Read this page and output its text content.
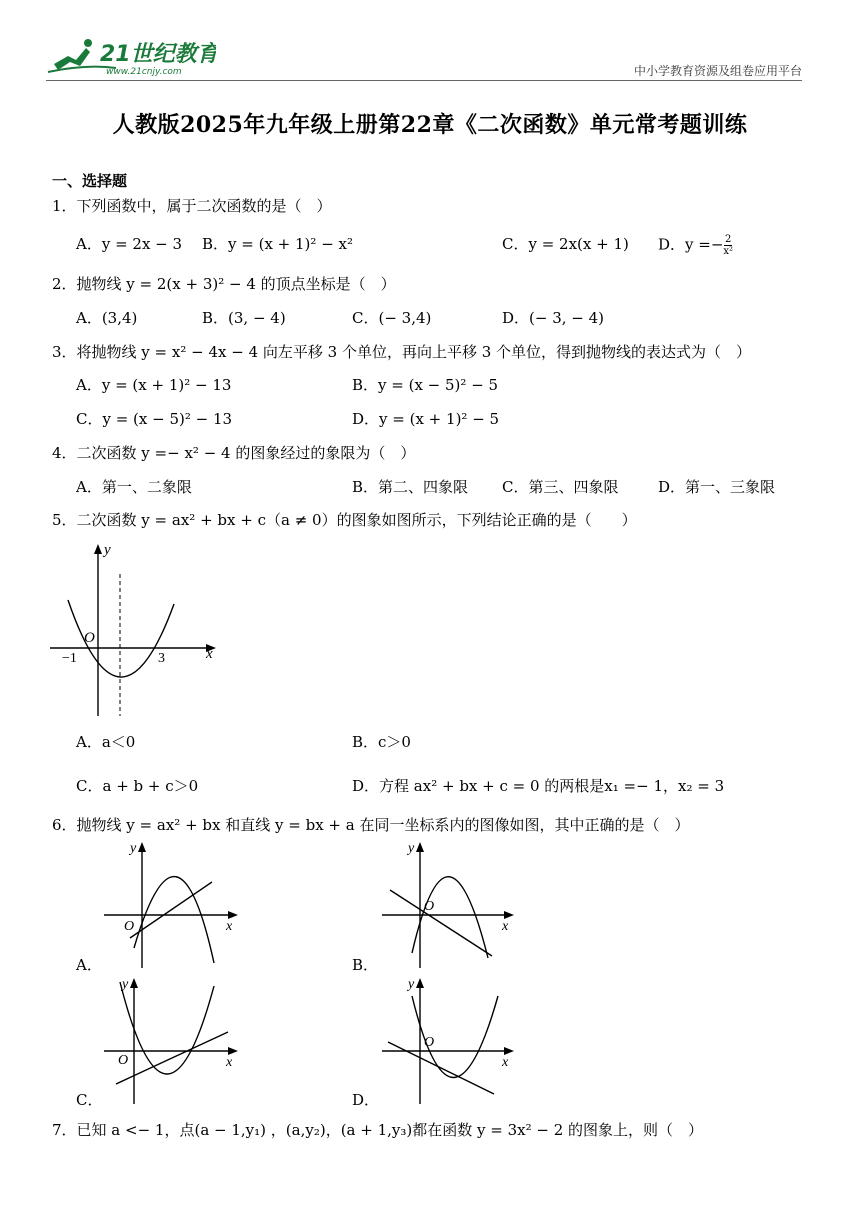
21世纪教育
www.21cnjy.com	中小学教育资源及组卷应用平台
人教版2025年九年级上册第22章《二次函数》单元常考题训练
一、选择题
1．下列函数中，属于二次函数的是（　）
A．y = 2x − 3 B．y = (x + 1)² − x²	C．y = 2x(x + 1) D．$y =- \frac{2}{\text{x²}}$
2．抛物线 y = 2(x + 3)² − 4 的顶点坐标是（　）
A．(3,4)	B．(3, − 4)	C．(− 3,4)	D．(− 3, − 4)
3．将抛物线 y = x² − 4x − 4 向左平移 3 个单位，再向上平移 3 个单位，得到抛物线的表达式为（　）
A．y = (x + 1)² − 13	B．y = (x − 5)² − 5
C．y = (x − 5)² − 13	D．y = (x + 1)² − 5
4．二次函数 y =− x² − 4 的图象经过的象限为（　）
A．第一、二象限	B．第二、四象限 C．第三、四象限	D．第一、三象限
5．二次函数 y = ax² + bx + c（a ≠ 0）的图象如图所示，下列结论正确的是（　　）
y
x
O
−1	3
A．a＜0	B．c＞0
C．a + b + c＞0	D．方程 ax² + bx + c = 0 的两根是x₁ =− 1，x₂ = 3
6．抛物线 y = ax² + bx 和直线 y = bx + a 在同一坐标系内的图像如图，其中正确的是（　）
A．
y
x
O
B．
y
x
O
C．
y
x
O
D．
y
x
O
7．已知 a <− 1，点(a − 1,y₁) ，(a,y₂)，(a + 1,y₃)都在函数 y = 3x² − 2 的图象上，则（　）
